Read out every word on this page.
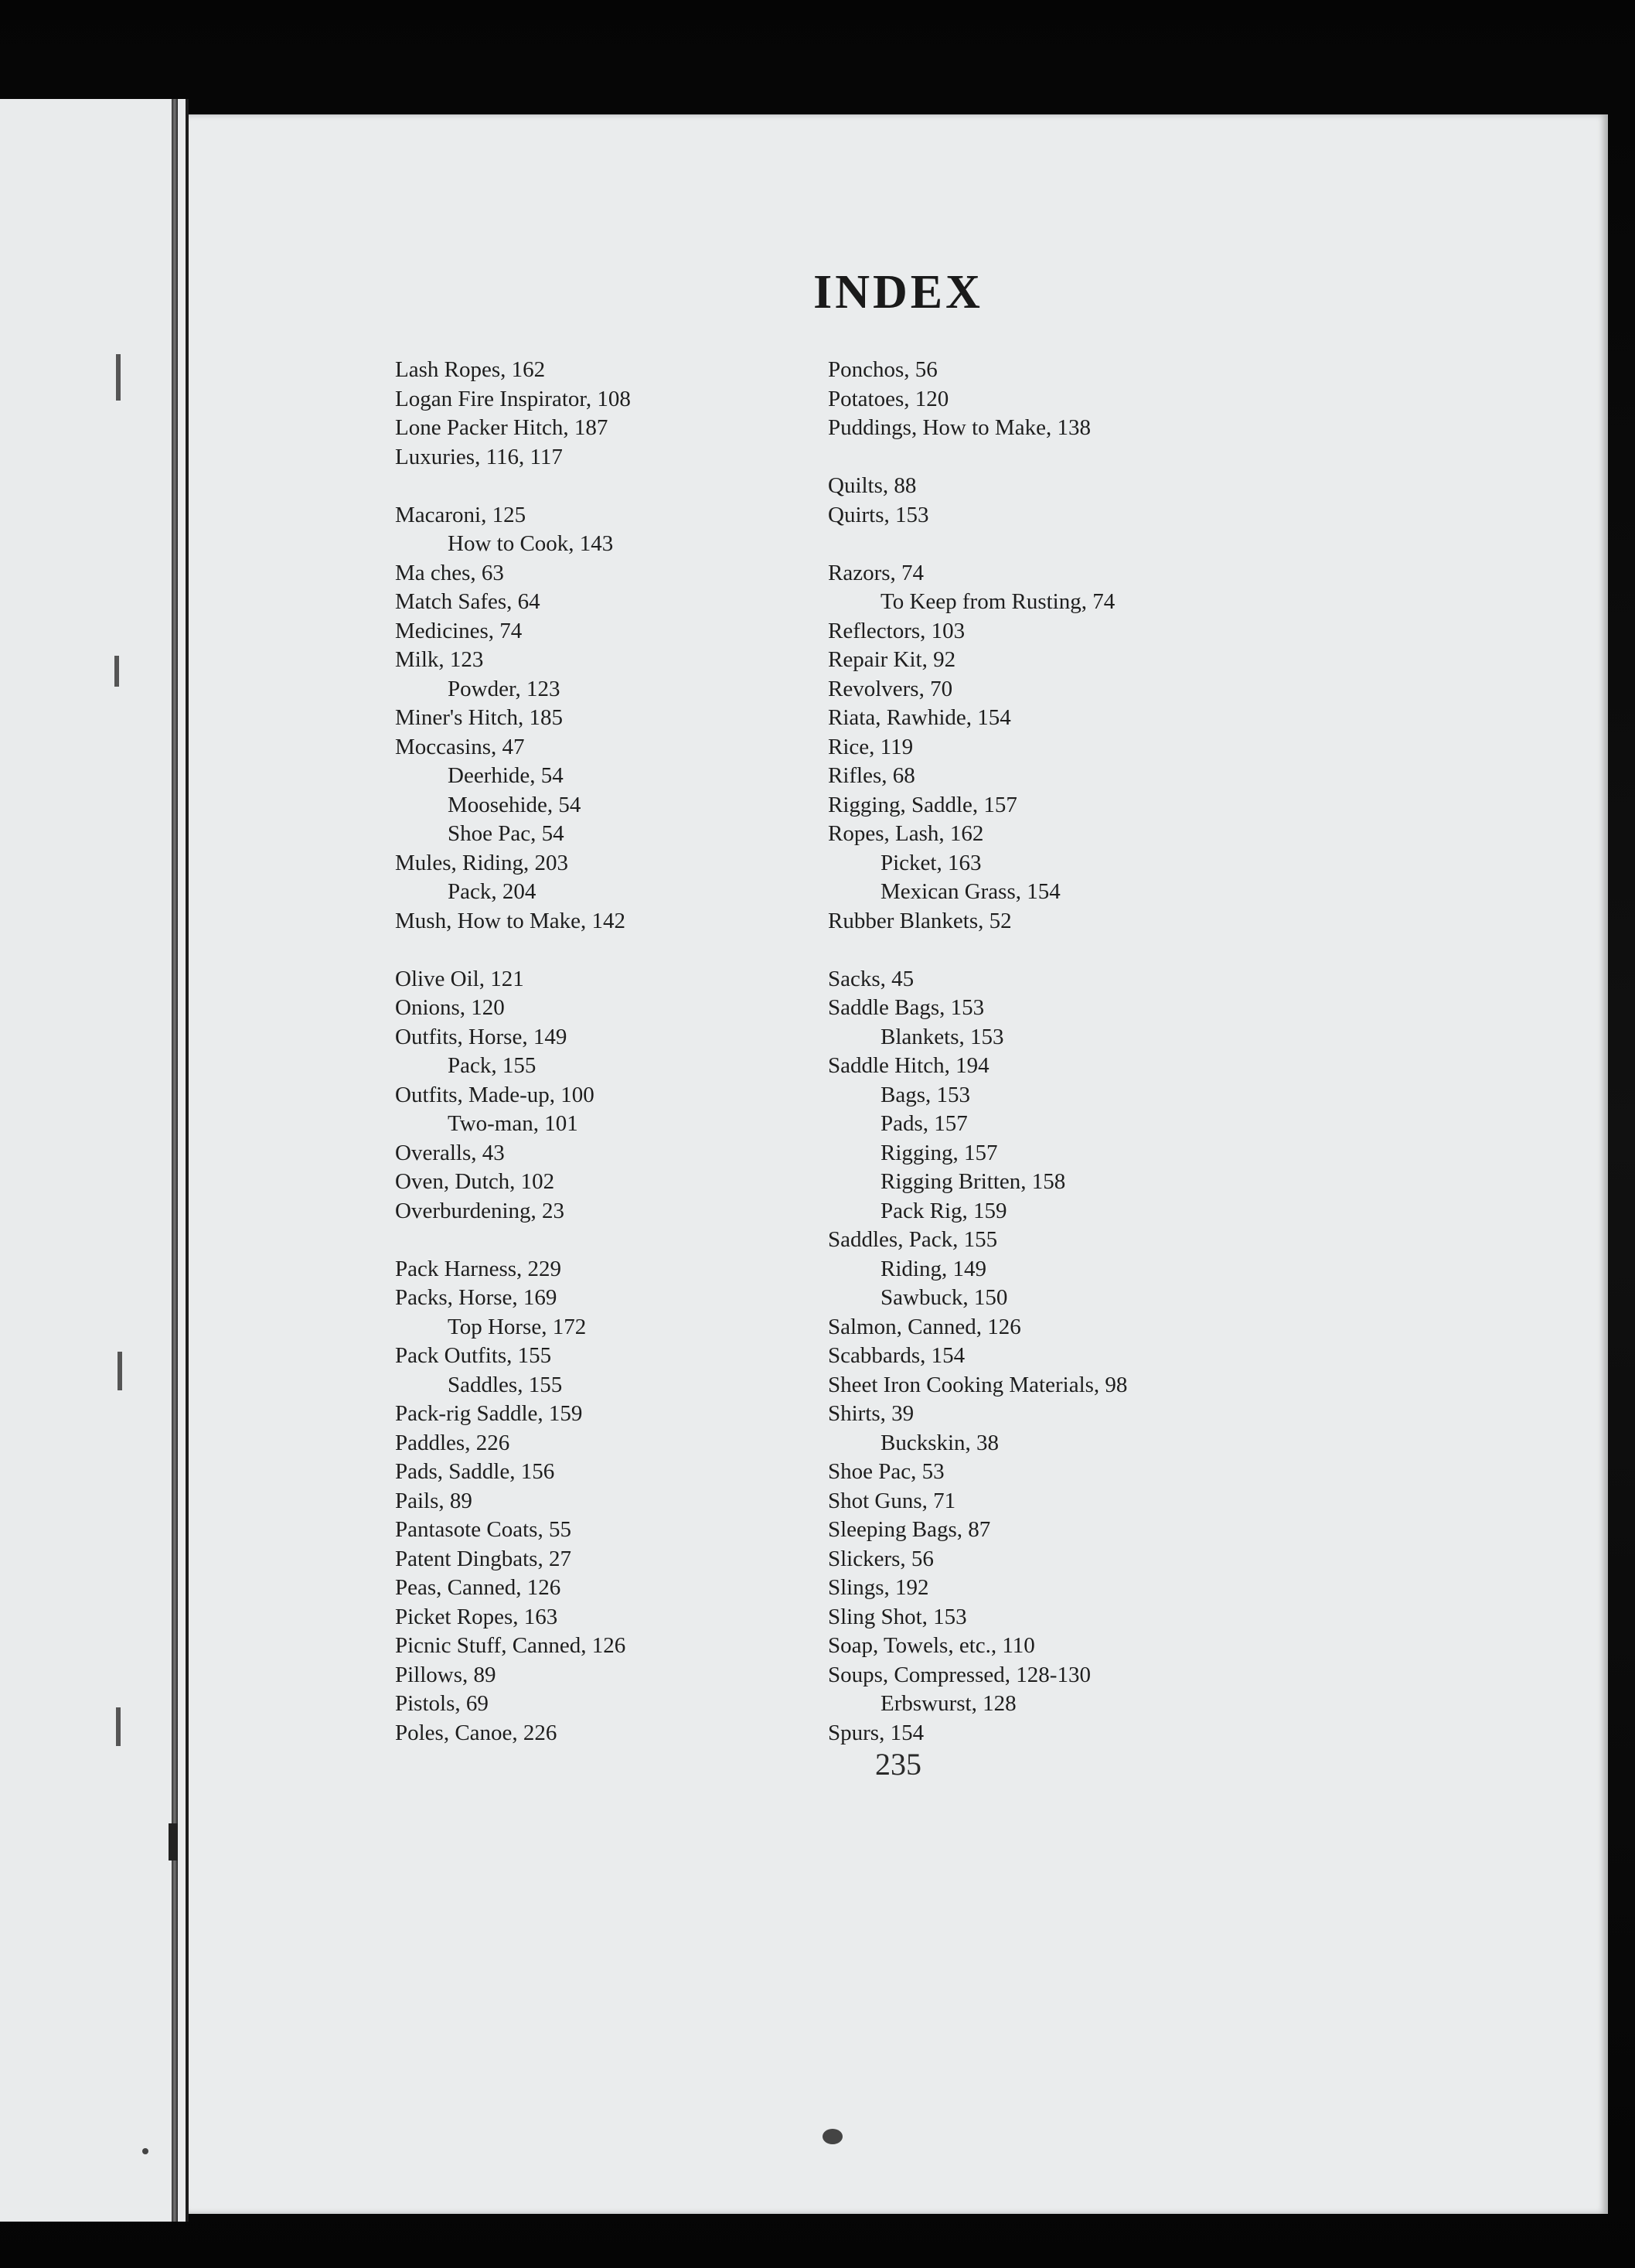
INDEX
Lash Ropes, 162
Logan Fire Inspirator, 108
Lone Packer Hitch, 187
Luxuries, 116, 117
Macaroni, 125
How to Cook, 143
Ma ches, 63
Match Safes, 64
Medicines, 74
Milk, 123
Powder, 123
Miner's Hitch, 185
Moccasins, 47
Deerhide, 54
Moosehide, 54
Shoe Pac, 54
Mules, Riding, 203
Pack, 204
Mush, How to Make, 142
Olive Oil, 121
Onions, 120
Outfits, Horse, 149
Pack, 155
Outfits, Made-up, 100
Two-man, 101
Overalls, 43
Oven, Dutch, 102
Overburdening, 23
Pack Harness, 229
Packs, Horse, 169
Top Horse, 172
Pack Outfits, 155
Saddles, 155
Pack-rig Saddle, 159
Paddles, 226
Pads, Saddle, 156
Pails, 89
Pantasote Coats, 55
Patent Dingbats, 27
Peas, Canned, 126
Picket Ropes, 163
Picnic Stuff, Canned, 126
Pillows, 89
Pistols, 69
Poles, Canoe, 226
Ponchos, 56
Potatoes, 120
Puddings, How to Make, 138
Quilts, 88
Quirts, 153
Razors, 74
To Keep from Rusting, 74
Reflectors, 103
Repair Kit, 92
Revolvers, 70
Riata, Rawhide, 154
Rice, 119
Rifles, 68
Rigging, Saddle, 157
Ropes, Lash, 162
Picket, 163
Mexican Grass, 154
Rubber Blankets, 52
Sacks, 45
Saddle Bags, 153
Blankets, 153
Saddle Hitch, 194
Bags, 153
Pads, 157
Rigging, 157
Rigging Britten, 158
Pack Rig, 159
Saddles, Pack, 155
Riding, 149
Sawbuck, 150
Salmon, Canned, 126
Scabbards, 154
Sheet Iron Cooking Materials, 98
Shirts, 39
Buckskin, 38
Shoe Pac, 53
Shot Guns, 71
Sleeping Bags, 87
Slickers, 56
Slings, 192
Sling Shot, 153
Soap, Towels, etc., 110
Soups, Compressed, 128-130
Erbswurst, 128
Spurs, 154
235
